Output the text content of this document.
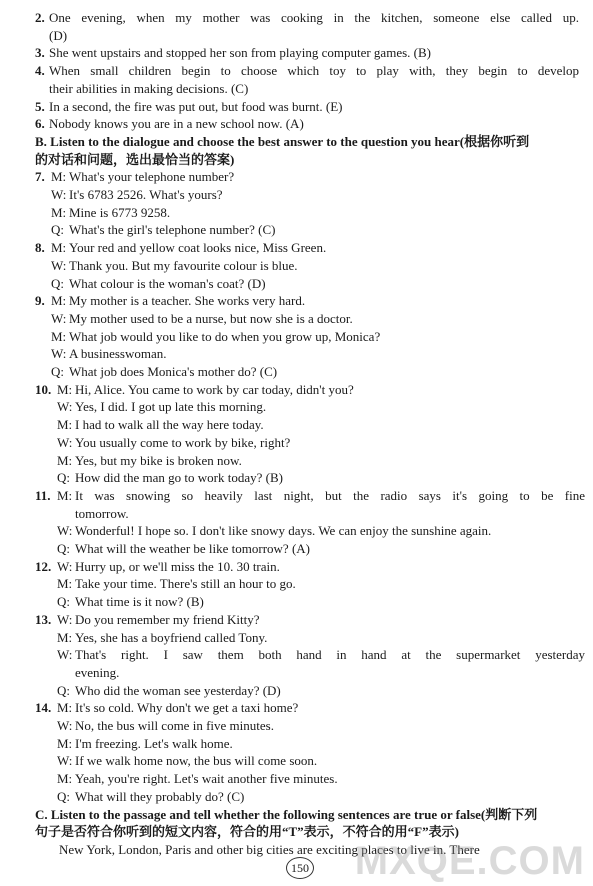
2. One evening, when my mother was cooking in the kitchen, someone else called up.
(D)
3. She went upstairs and stopped her son from playing computer games. (B)
4. When small children begin to choose which toy to play with, they begin to develop
their abilities in making decisions. (C)
5. In a second, the fire was put out, but food was burnt. (E)
6. Nobody knows you are in a new school now. (A)
B. Listen to the dialogue and choose the best answer to the question you hear(根据你听到
的对话和问题，选出最恰当的答案)
7. M: What's your telephone number?
W: It's 6783 2526. What's yours?
M: Mine is 6773 9258.
Q: What's the girl's telephone number? (C)
8. M: Your red and yellow coat looks nice, Miss Green.
W: Thank you. But my favourite colour is blue.
Q: What colour is the woman's coat? (D)
9. M: My mother is a teacher. She works very hard.
W: My mother used to be a nurse, but now she is a doctor.
M: What job would you like to do when you grow up, Monica?
W: A businesswoman.
Q: What job does Monica's mother do? (C)
10. M: Hi, Alice. You came to work by car today, didn't you?
W: Yes, I did. I got up late this morning.
M: I had to walk all the way here today.
W: You usually come to work by bike, right?
M: Yes, but my bike is broken now.
Q: How did the man go to work today? (B)
11. M: It was snowing so heavily last night, but the radio says it's going to be fine
tomorrow.
W: Wonderful! I hope so. I don't like snowy days. We can enjoy the sunshine again.
Q: What will the weather be like tomorrow? (A)
12. W: Hurry up, or we'll miss the 10. 30 train.
M: Take your time. There's still an hour to go.
Q: What time is it now? (B)
13. W: Do you remember my friend Kitty?
M: Yes, she has a boyfriend called Tony.
W: That's right. I saw them both hand in hand at the supermarket yesterday
evening.
Q: Who did the woman see yesterday? (D)
14. M: It's so cold. Why don't we get a taxi home?
W: No, the bus will come in five minutes.
M: I'm freezing. Let's walk home.
W: If we walk home now, the bus will come soon.
M: Yeah, you're right. Let's wait another five minutes.
Q: What will they probably do? (C)
C. Listen to the passage and tell whether the following sentences are true or false(判断下列
句子是否符合你听到的短文内容，符合的用“T”表示，不符合的用“F”表示)
New York, London, Paris and other big cities are exciting places to live in. There
150 MXQE.COM
